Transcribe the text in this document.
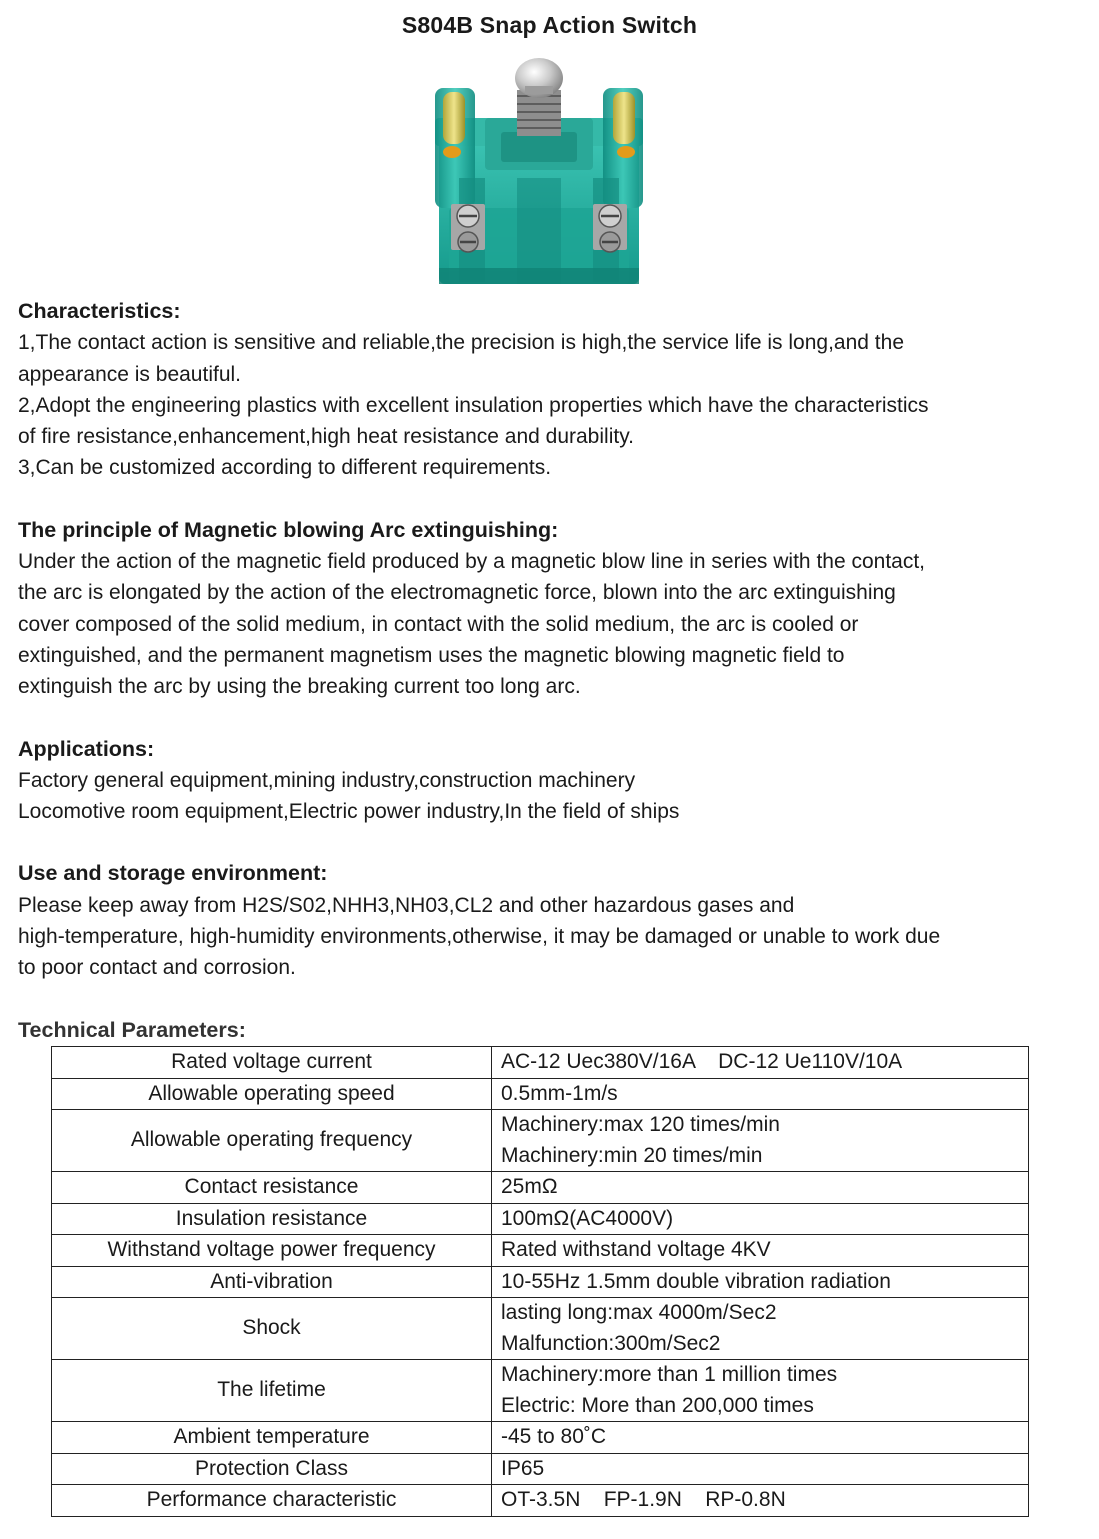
S804B Snap Action Switch
Characteristics:
1,The contact action is sensitive and reliable,the precision is high,the service life is long,and the
appearance is beautiful.
2,Adopt the engineering plastics with excellent insulation properties which have the characteristics
of fire resistance,enhancement,high heat resistance and durability.
3,Can be customized according to different requirements.
The principle of Magnetic blowing Arc extinguishing:
Under the action of the magnetic field produced by a magnetic blow line in series with the contact,
the arc is elongated by the action of the electromagnetic force, blown into the arc extinguishing
cover composed of the solid medium, in contact with the solid medium, the arc is cooled or
extinguished, and the permanent magnetism uses the magnetic blowing magnetic field to
extinguish the arc by using the breaking current too long arc.
Applications:
Factory general equipment,mining industry,construction machinery
Locomotive room equipment,Electric power industry,In the field of ships
Use and storage environment:
Please keep away from H2S/S02,NHH3,NH03,CL2 and other hazardous gases and
high-temperature, high-humidity environments,otherwise, it may be damaged or unable to work due
to poor contact and corrosion.
Technical Parameters:
Rated voltage current	AC-12 Uec380V/16A    DC-12 Ue110V/10A

Allowable operating speed	0.5mm-1m/s

Allowable operating frequency	Machinery:max 120 times/min
Machinery:min 20 times/min

Contact resistance	25mΩ

Insulation resistance	100mΩ(AC4000V)

Withstand voltage power frequency	Rated withstand voltage 4KV

Anti-vibration	10-55Hz 1.5mm double vibration radiation

Shock	lasting long:max 4000m/Sec2
Malfunction:300m/Sec2

The lifetime	Machinery:more than 1 million times
Electric: More than 200,000 times

Ambient temperature	-45 to 80˚C

Protection Class	IP65

Performance characteristic	OT-3.5N    FP-1.9N    RP-0.8N
